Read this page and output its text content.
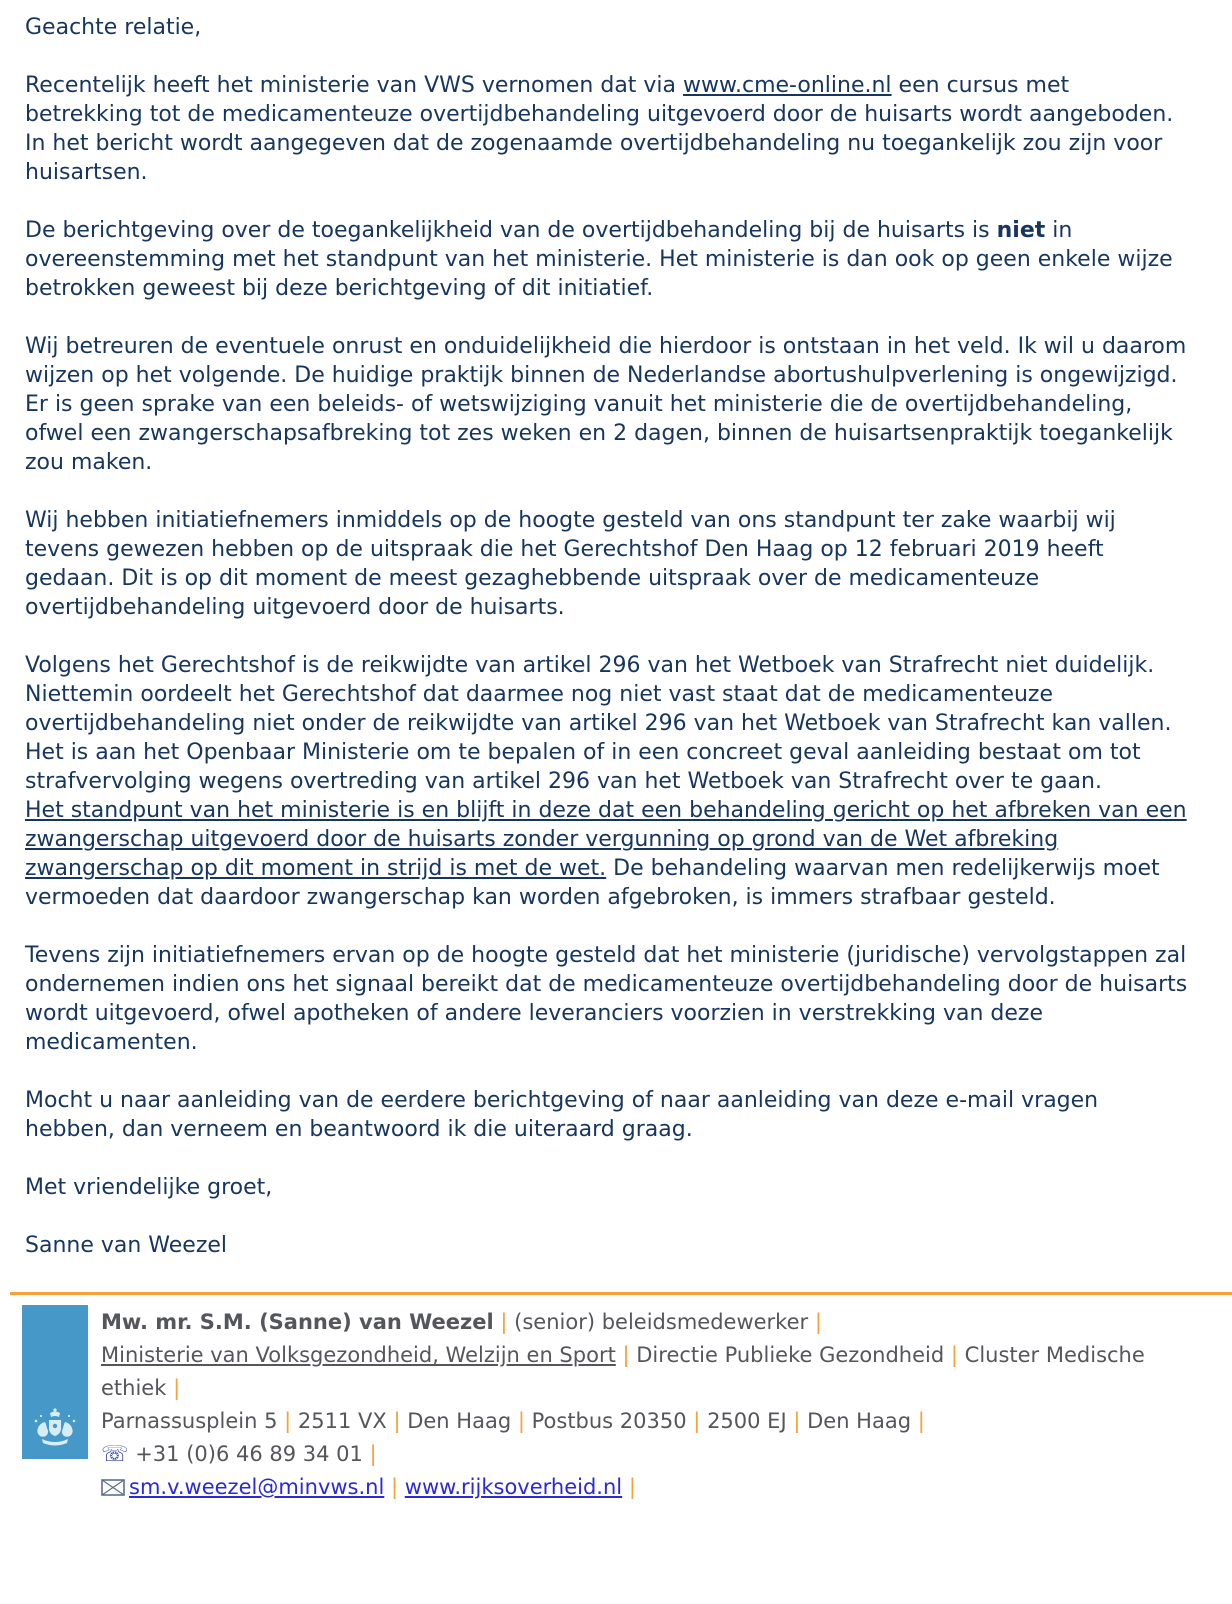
Geachte relatie,

Recentelijk heeft het ministerie van VWS vernomen dat via www.cme-online.nl een cursus met betrekking tot de medicamenteuze overtijdbehandeling uitgevoerd door de huisarts wordt aangeboden. In het bericht wordt aangegeven dat de zogenaamde overtijdbehandeling nu toegankelijk zou zijn voor huisartsen.

De berichtgeving over de toegankelijkheid van de overtijdbehandeling bij de huisarts is niet in overeenstemming met het standpunt van het ministerie. Het ministerie is dan ook op geen enkele wijze betrokken geweest bij deze berichtgeving of dit initiatief.

Wij betreuren de eventuele onrust en onduidelijkheid die hierdoor is ontstaan in het veld. Ik wil u daarom wijzen op het volgende. De huidige praktijk binnen de Nederlandse abortushulpverlening is ongewijzigd. Er is geen sprake van een beleids- of wetswijziging vanuit het ministerie die de overtijdbehandeling, ofwel een zwangerschapsafbreking tot zes weken en 2 dagen, binnen de huisartsenpraktijk toegankelijk zou maken.

Wij hebben initiatiefnemers inmiddels op de hoogte gesteld van ons standpunt ter zake waarbij wij tevens gewezen hebben op de uitspraak die het Gerechtshof Den Haag op 12 februari 2019 heeft gedaan. Dit is op dit moment de meest gezaghebbende uitspraak over de medicamenteuze overtijdbehandeling uitgevoerd door de huisarts.

Volgens het Gerechtshof is de reikwijdte van artikel 296 van het Wetboek van Strafrecht niet duidelijk. Niettemin oordeelt het Gerechtshof dat daarmee nog niet vast staat dat de medicamenteuze overtijdbehandeling niet onder de reikwijdte van artikel 296 van het Wetboek van Strafrecht kan vallen. Het is aan het Openbaar Ministerie om te bepalen of in een concreet geval aanleiding bestaat om tot strafvervolging wegens overtreding van artikel 296 van het Wetboek van Strafrecht over te gaan.
Het standpunt van het ministerie is en blijft in deze dat een behandeling gericht op het afbreken van een zwangerschap uitgevoerd door de huisarts zonder vergunning op grond van de Wet afbreking zwangerschap op dit moment in strijd is met de wet. De behandeling waarvan men redelijkerwijs moet vermoeden dat daardoor zwangerschap kan worden afgebroken, is immers strafbaar gesteld.

Tevens zijn initiatiefnemers ervan op de hoogte gesteld dat het ministerie (juridische) vervolgstappen zal ondernemen indien ons het signaal bereikt dat de medicamenteuze overtijdbehandeling door de huisarts wordt uitgevoerd, ofwel apotheken of andere leveranciers voorzien in verstrekking van deze medicamenten.

Mocht u naar aanleiding van de eerdere berichtgeving of naar aanleiding van deze e-mail vragen hebben, dan verneem en beantwoord ik die uiteraard graag.

Met vriendelijke groet,

Sanne van Weezel

Mw. mr. S.M. (Sanne) van Weezel | (senior) beleidsmedewerker |
Ministerie van Volksgezondheid, Welzijn en Sport | Directie Publieke Gezondheid | Cluster Medische ethiek |
Parnassusplein 5 | 2511 VX | Den Haag | Postbus 20350 | 2500 EJ | Den Haag |
☏ +31 (0)6 46 89 34 01 |
sm.v.weezel@minvws.nl | www.rijksoverheid.nl |
